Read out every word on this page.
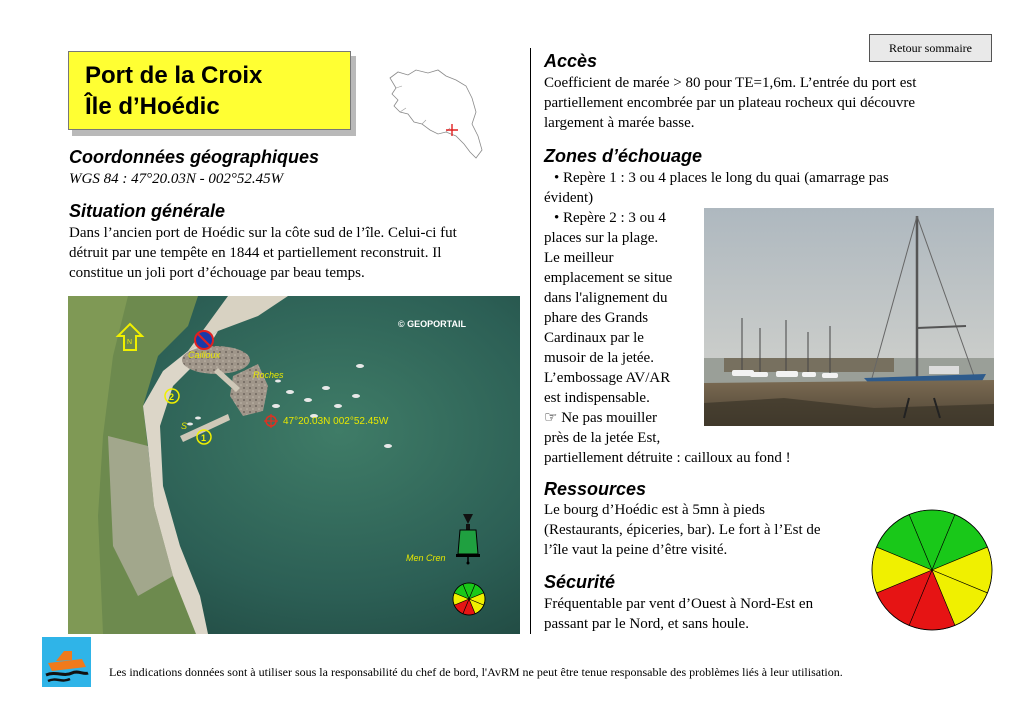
Port de la Croix
Île d’Hoédic
Coordonnées géographiques
WGS 84 : 47°20.03N - 002°52.45W
Situation générale
Dans l’ancien port de Hoédic sur la côte sud de l’île. Celui-ci fut
détruit par une tempête en 1844 et partiellement reconstruit. Il
constitue un joli port d’échouage par beau temps.
© GEOPORTAIL
N
Cailloux
Roches
2
1
S	47°20.03N 002°52.45W
Men Cren
Retour sommaire
Accès
Coefficient de marée > 80 pour TE=1,6m. L’entrée du port est
partiellement encombrée par un plateau rocheux qui découvre
largement à marée basse.
Zones d’échouage
• Repère 1 : 3 ou 4 places le long du quai (amarrage pas
évident)
• Repère 2 : 3 ou 4
places sur la plage.
Le meilleur
emplacement se situe
dans l'alignement du
phare des Grands
Cardinaux par le
musoir de la jetée.
L’embossage AV/AR
est indispensable.
☞ Ne pas mouiller
près de la jetée Est,
partiellement détruite : cailloux au fond !
Ressources
Le bourg d’Hoédic est à 5mn à pieds
(Restaurants, épiceries, bar). Le fort à l’Est de
l’île vaut la peine d’être visité.
Sécurité
Fréquentable par vent d’Ouest à Nord-Est en
passant par le Nord, et sans houle.
Les indications données sont à utiliser sous la responsabilité du chef de bord, l'AvRM ne peut être tenue responsable des problèmes liés à leur utilisation.
